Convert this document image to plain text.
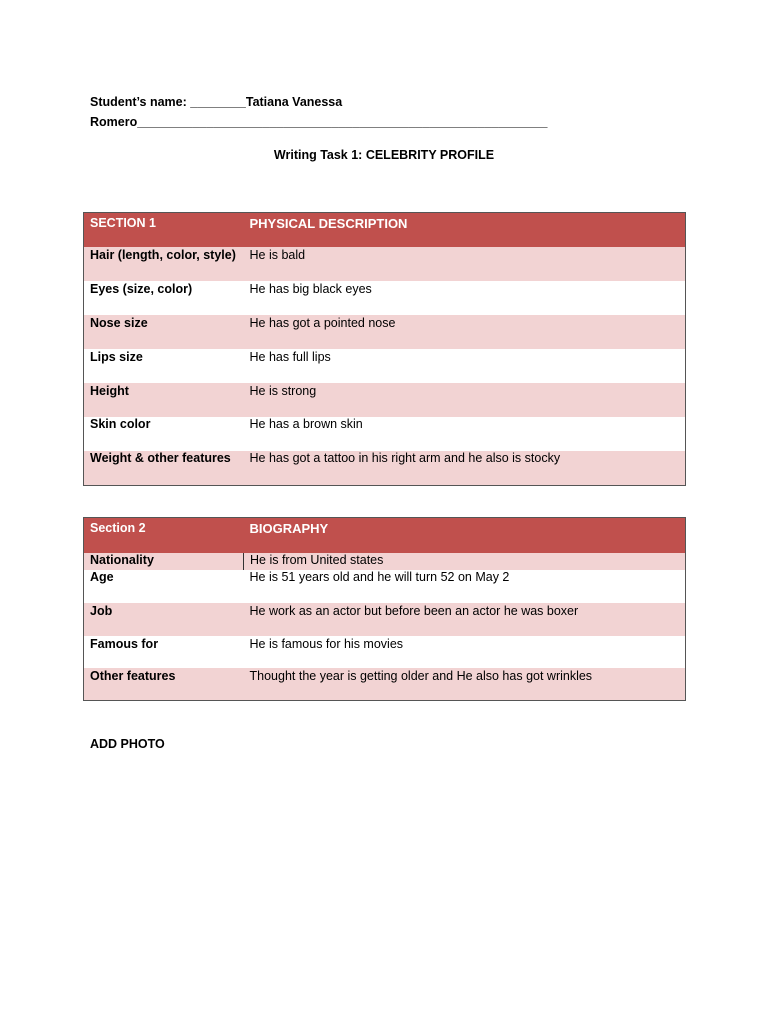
Student’s name: ________Tatiana Vanessa
Romero___________________________________________________________
Writing Task 1: CELEBRITY PROFILE
SECTION 1	PHYSICAL DESCRIPTION
Hair (length, color, style)	He is bald
Eyes (size, color)	He has big black eyes
Nose size	He has got a pointed nose
Lips size	He has full lips
Height	He is strong
Skin color	He has a brown skin
Weight & other features	He has got a tattoo in his right arm and he also is stocky
Section 2	BIOGRAPHY
Nationality	He is from United states
Age	He is 51 years old and he will turn 52 on May 2
Job	He work as an actor but before been an actor he was boxer
Famous for	He is famous for his movies
Other features	Thought the year is getting older and He also has got wrinkles
ADD PHOTO
